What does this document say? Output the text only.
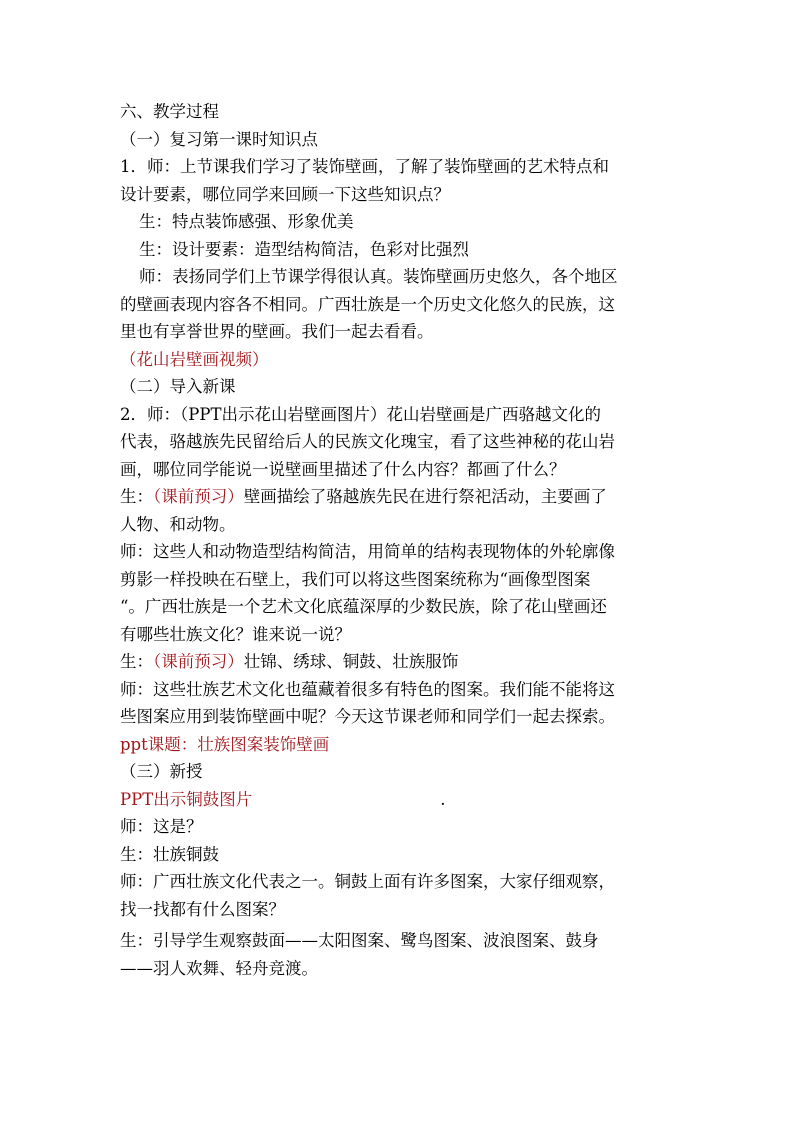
六、教学过程
（一）复习第一课时知识点
1．师：上节课我们学习了装饰壁画，了解了装饰壁画的艺术特点和
设计要素，哪位同学来回顾一下这些知识点？
生：特点装饰感强、形象优美
生：设计要素：造型结构简洁，色彩对比强烈
师：表扬同学们上节课学得很认真。装饰壁画历史悠久，各个地区
的壁画表现内容各不相同。广西壮族是一个历史文化悠久的民族，这
里也有享誉世界的壁画。我们一起去看看。
（花山岩壁画视频）
（二）导入新课
2．师：（PPT出示花山岩壁画图片）花山岩壁画是广西骆越文化的
代表，骆越族先民留给后人的民族文化瑰宝，看了这些神秘的花山岩
画，哪位同学能说一说壁画里描述了什么内容？都画了什么？
生：（课前预习）壁画描绘了骆越族先民在进行祭祀活动，主要画了
人物、和动物。
师：这些人和动物造型结构简洁，用简单的结构表现物体的外轮廓像
剪影一样投映在石壁上，我们可以将这些图案统称为“画像型图案
“。广西壮族是一个艺术文化底蕴深厚的少数民族，除了花山壁画还
有哪些壮族文化？谁来说一说？
生：（课前预习）壮锦、绣球、铜鼓、壮族服饰
师：这些壮族艺术文化也蕴藏着很多有特色的图案。我们能不能将这
些图案应用到装饰壁画中呢？今天这节课老师和同学们一起去探索。
ppt课题：壮族图案装饰壁画
（三）新授
PPT出示铜鼓图片	.
师：这是？
生：壮族铜鼓
师：广西壮族文化代表之一。铜鼓上面有许多图案，大家仔细观察，
找一找都有什么图案？
生：引导学生观察鼓面——太阳图案、鹭鸟图案、波浪图案、鼓身
——羽人欢舞、轻舟竞渡。
